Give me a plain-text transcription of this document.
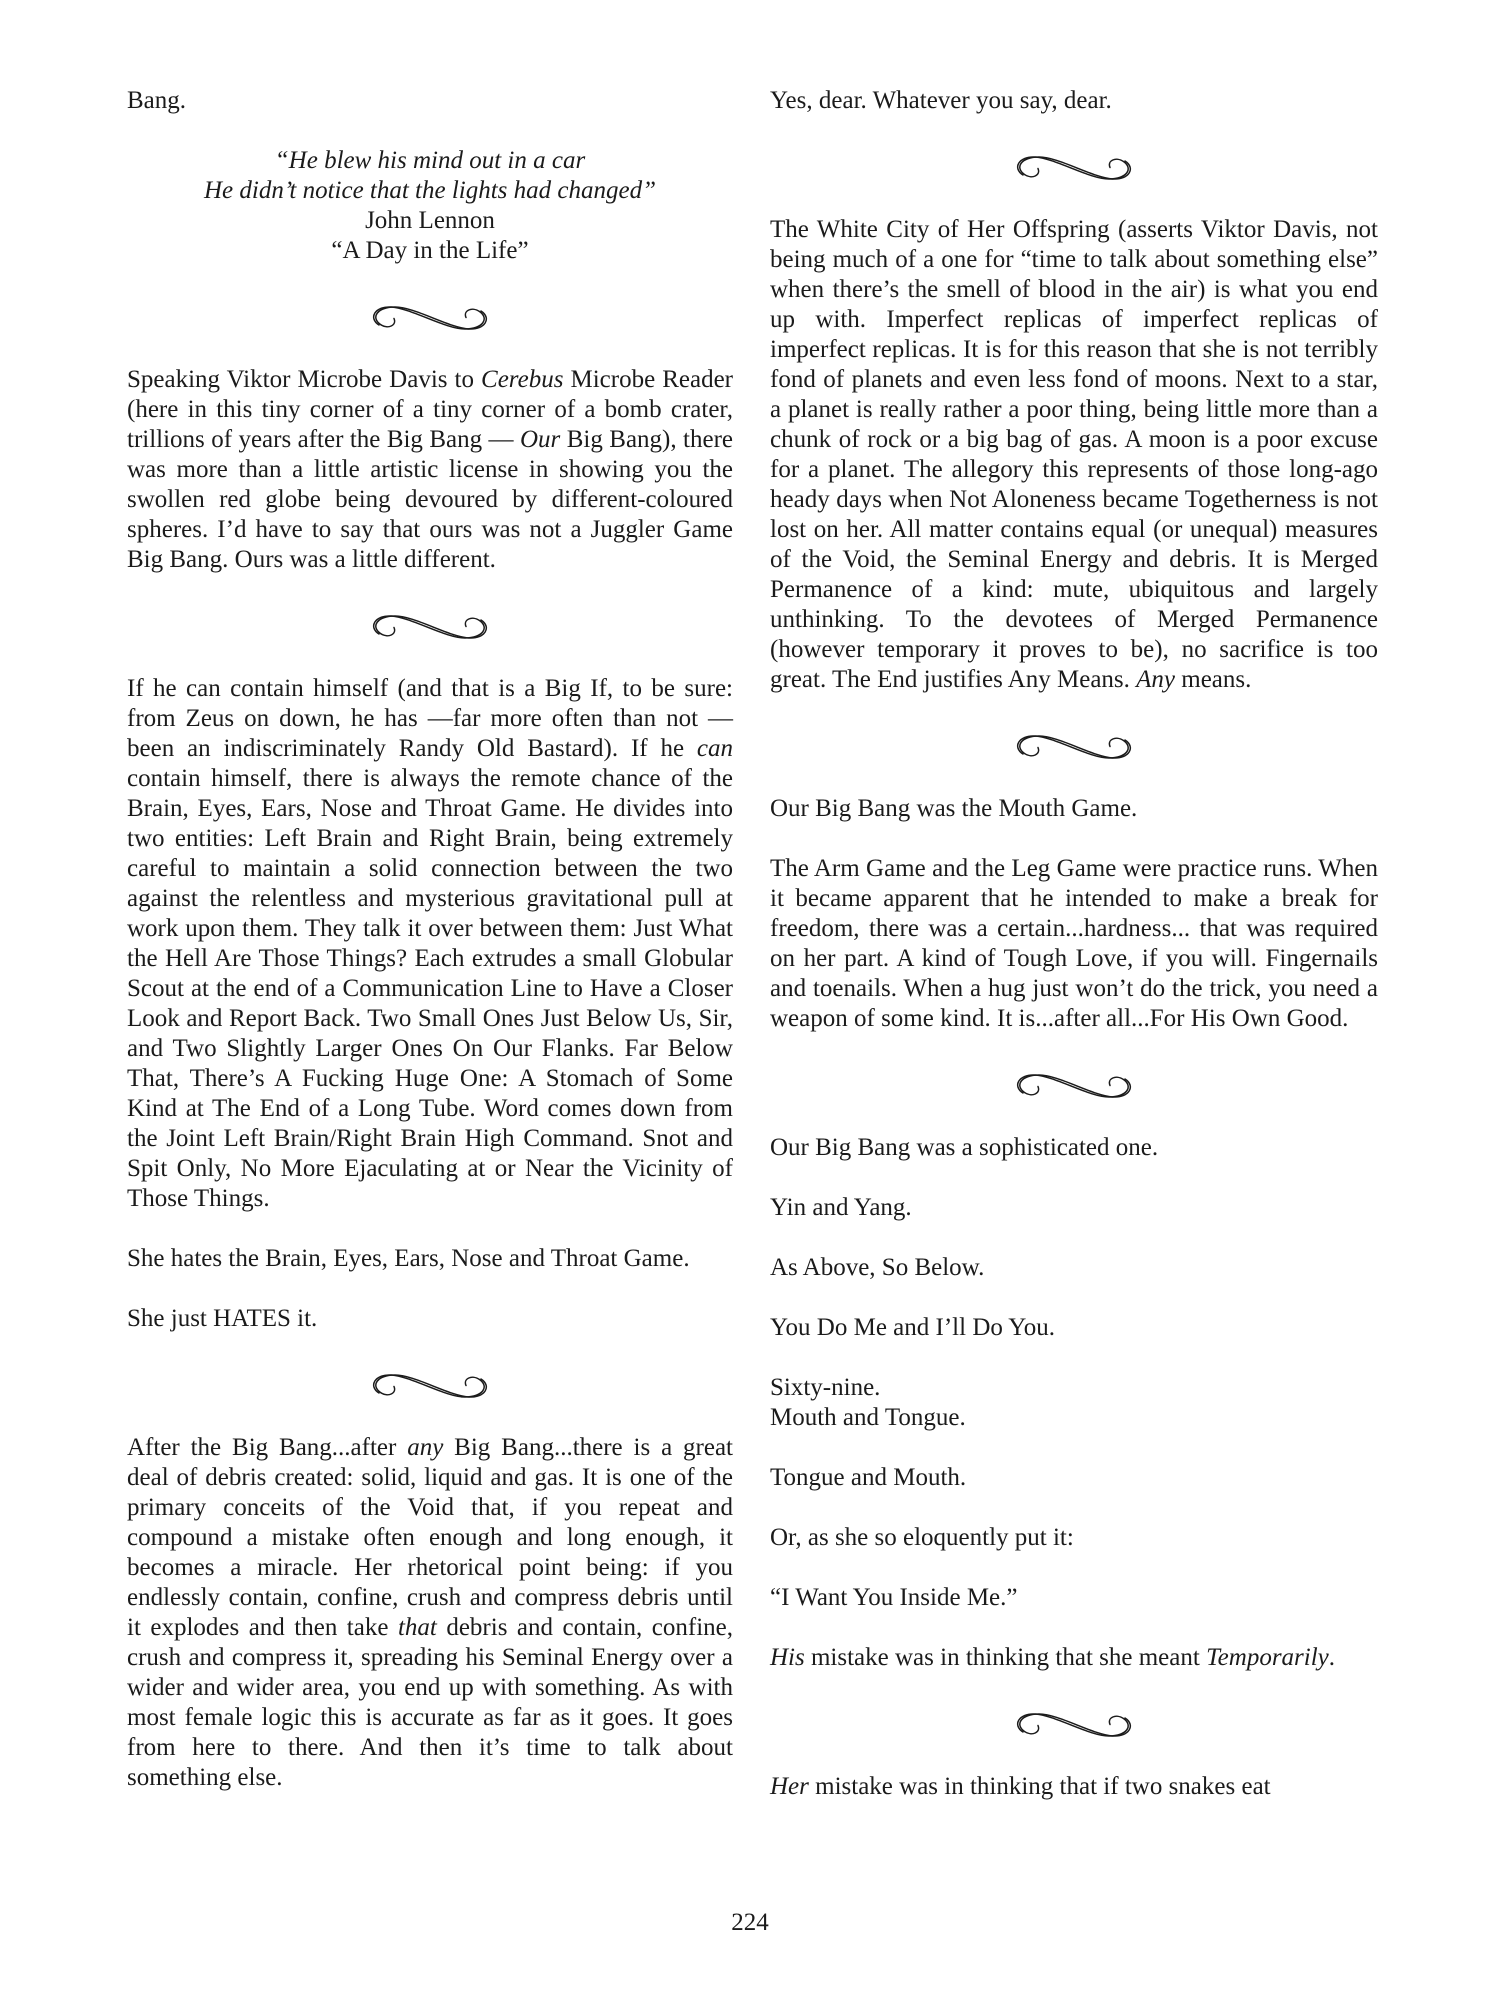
Bang.

“He blew his mind out in a car
He didn’t notice that the lights had changed”
John Lennon
“A Day in the Life”

Speaking Viktor Microbe Davis to Cerebus Microbe Reader (here in this tiny corner of a tiny corner of a bomb crater, trillions of years after the Big Bang — Our Big Bang), there was more than a little artistic license in showing you the swollen red globe being devoured by different-coloured spheres. I’d have to say that ours was not a Juggler Game Big Bang. Ours was a little different.

If he can contain himself (and that is a Big If, to be sure: from Zeus on down, he has —far more often than not — been an indiscriminately Randy Old Bastard). If he can contain himself, there is always the remote chance of the Brain, Eyes, Ears, Nose and Throat Game. He divides into two entities: Left Brain and Right Brain, being extremely careful to maintain a solid connection between the two against the relentless and mysterious gravitational pull at work upon them. They talk it over between them: Just What the Hell Are Those Things? Each extrudes a small Globular Scout at the end of a Communication Line to Have a Closer Look and Report Back. Two Small Ones Just Below Us, Sir, and Two Slightly Larger Ones On Our Flanks. Far Below That, There’s A Fucking Huge One: A Stomach of Some Kind at The End of a Long Tube. Word comes down from the Joint Left Brain/Right Brain High Command. Snot and Spit Only, No More Ejaculating at or Near the Vicinity of Those Things.

She hates the Brain, Eyes, Ears, Nose and Throat Game.

She just HATES it.

After the Big Bang...after any Big Bang...there is a great deal of debris created: solid, liquid and gas. It is one of the primary conceits of the Void that, if you repeat and compound a mistake often enough and long enough, it becomes a miracle. Her rhetorical point being: if you endlessly contain, confine, crush and compress debris until it explodes and then take that debris and contain, confine, crush and compress it, spreading his Seminal Energy over a wider and wider area, you end up with something. As with most female logic this is accurate as far as it goes. It goes from here to there. And then it’s time to talk about something else.

Yes, dear. Whatever you say, dear.

The White City of Her Offspring (asserts Viktor Davis, not being much of a one for “time to talk about something else” when there’s the smell of blood in the air) is what you end up with. Imperfect replicas of imperfect replicas of imperfect replicas. It is for this reason that she is not terribly fond of planets and even less fond of moons. Next to a star, a planet is really rather a poor thing, being little more than a chunk of rock or a big bag of gas. A moon is a poor excuse for a planet. The allegory this represents of those long-ago heady days when Not Aloneness became Togetherness is not lost on her. All matter contains equal (or unequal) measures of the Void, the Seminal Energy and debris. It is Merged Permanence of a kind: mute, ubiquitous and largely unthinking. To the devotees of Merged Permanence (however temporary it proves to be), no sacrifice is too great. The End justifies Any Means. Any means.

Our Big Bang was the Mouth Game.

The Arm Game and the Leg Game were practice runs. When it became apparent that he intended to make a break for freedom, there was a certain...hardness... that was required on her part. A kind of Tough Love, if you will. Fingernails and toenails. When a hug just won’t do the trick, you need a weapon of some kind. It is...after all...For His Own Good.

Our Big Bang was a sophisticated one.

Yin and Yang.

As Above, So Below.

You Do Me and I’ll Do You.

Sixty-nine.
Mouth and Tongue.

Tongue and Mouth.

Or, as she so eloquently put it:

“I Want You Inside Me.”

His mistake was in thinking that she meant Temporarily.

Her mistake was in thinking that if two snakes eat

224
